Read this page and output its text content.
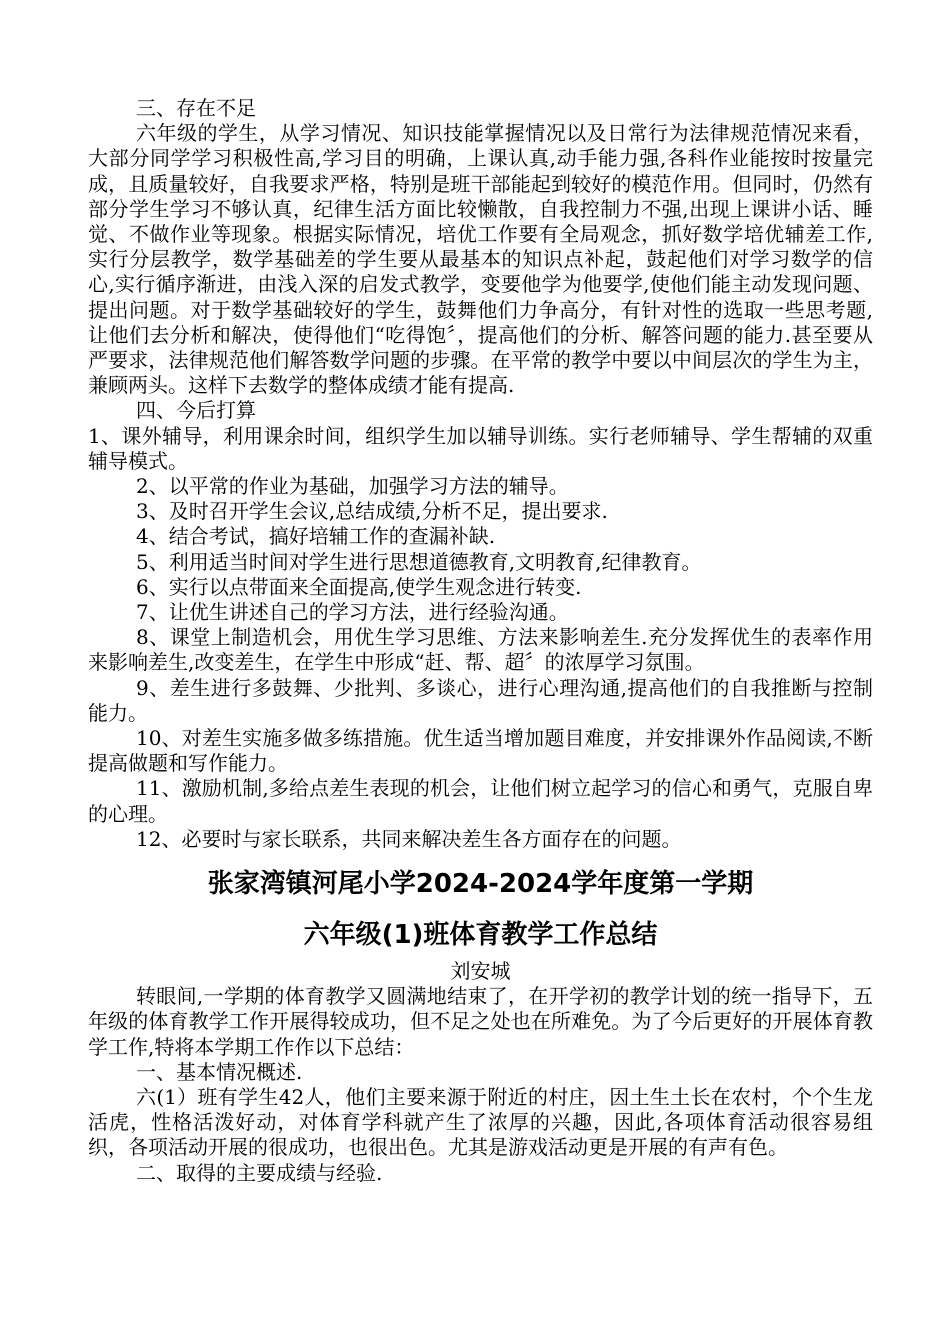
三、存在不足

六年级的学生，从学习情况、知识技能掌握情况以及日常行为法律规范情况来看，大部分同学学习积极性高,学习目的明确，上课认真,动手能力强,各科作业能按时按量完成，且质量较好，自我要求严格，特别是班干部能起到较好的模范作用。但同时，仍然有部分学生学习不够认真，纪律生活方面比较懒散，自我控制力不强,出现上课讲小话、睡觉、不做作业等现象。根据实际情况，培优工作要有全局观念，抓好数学培优辅差工作,实行分层教学，数学基础差的学生要从最基本的知识点补起，鼓起他们对学习数学的信心,实行循序渐进，由浅入深的启发式教学，变要他学为他要学,使他们能主动发现问题、提出问题。对于数学基础较好的学生，鼓舞他们力争高分，有针对性的选取一些思考题,让他们去分析和解决，使得他们“吃得饱〞，提高他们的分析、解答问题的能力.甚至要从严要求，法律规范他们解答数学问题的步骤。在平常的教学中要以中间层次的学生为主，兼顾两头。这样下去数学的整体成绩才能有提高.

四、今后打算

1、课外辅导，利用课余时间，组织学生加以辅导训练。实行老师辅导、学生帮辅的双重辅导模式。

2、以平常的作业为基础，加强学习方法的辅导。

3、及时召开学生会议,总结成绩,分析不足，提出要求.

4、结合考试，搞好培辅工作的查漏补缺.

5、利用适当时间对学生进行思想道德教育,文明教育,纪律教育。

6、实行以点带面来全面提高,使学生观念进行转变.

7、让优生讲述自己的学习方法，进行经验沟通。

8、课堂上制造机会，用优生学习思维、方法来影响差生.充分发挥优生的表率作用来影响差生,改变差生，在学生中形成“赶、帮、超〞的浓厚学习氛围。

9、差生进行多鼓舞、少批判、多谈心，进行心理沟通,提高他们的自我推断与控制能力。

10、对差生实施多做多练措施。优生适当增加题目难度，并安排课外作品阅读,不断提高做题和写作能力。

11、激励机制,多给点差生表现的机会，让他们树立起学习的信心和勇气，克服自卑的心理。

12、必要时与家长联系，共同来解决差生各方面存在的问题。

张家湾镇河尾小学2024-2024学年度第一学期
六年级(1)班体育教学工作总结

刘安城

转眼间,一学期的体育教学又圆满地结束了，在开学初的教学计划的统一指导下，五年级的体育教学工作开展得较成功，但不足之处也在所难免。为了今后更好的开展体育教学工作,特将本学期工作作以下总结：

一、基本情况概述.

六(1）班有学生42人，他们主要来源于附近的村庄，因土生土长在农村，个个生龙活虎，性格活泼好动，对体育学科就产生了浓厚的兴趣，因此,各项体育活动很容易组织，各项活动开展的很成功，也很出色。尤其是游戏活动更是开展的有声有色。

二、取得的主要成绩与经验.
